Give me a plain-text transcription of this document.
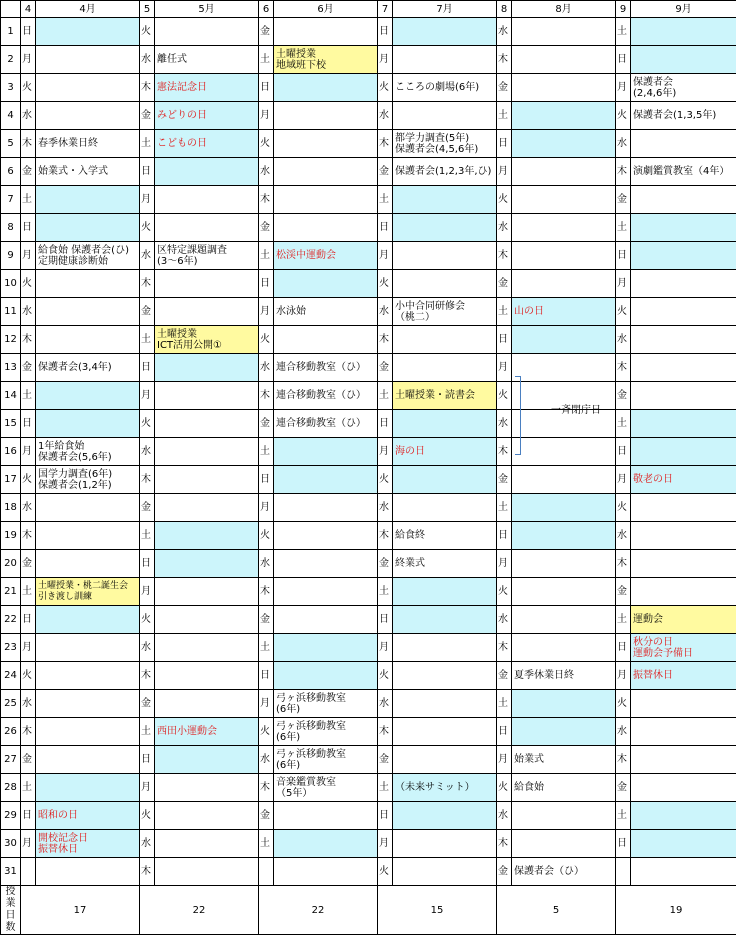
	4	4月	5	5月	6	6月	7	7月	8	8月	9	9月
1	日		火		金		日		水		土	
2	月		水	離任式	土	土曜授業
地域班下校	月		木		日	
3	火		木	憲法記念日	日		火	こころの劇場(6年)	金		月	保護者会
(2,4,6年)
4	水		金	みどりの日	月		水		土		火	保護者会(1,3,5年)
5	木	春季休業日終	土	こどもの日	火		木	都学力調査(5年)
保護者会(4,5,6年)	日		水	
6	金	始業式・入学式	日		水		金	保護者会(1,2,3年,ひ)	月		木	演劇鑑賞教室（4年）
7	土		月		木		土		火		金	
8	日		火		金		日		水		土	
9	月	給食始 保護者会(ひ)
定期健康診断始	水	区特定課題調査
(3～6年)	土	松渓中運動会	月		木		日	
10	火		木		日		火		金		月	
11	水		金		月	水泳始	水	小中合同研修会
（桃二）	土	山の日	火	
12	木		土	土曜授業
ICT活用公開①	火		木		日		水	
13	金	保護者会(3,4年)	日		水	連合移動教室（ひ）	金		月		木	
14	土		月		木	連合移動教室（ひ）	土	土曜授業・読書会	火		金	
15	日		火		金	連合移動教室（ひ）	日		水		土	
16	月	1年給食始
保護者会(5,6年)	水		土		月	海の日	木		日	
17	火	国学力調査(6年)
保護者会(1,2年)	木		日		火		金		月	敬老の日
18	水		金		月		水		土		火	
19	木		土		火		木	給食終	日		水	
20	金		日		水		金	終業式	月		木	
21	土	土曜授業・桃二誕生会
引き渡し訓練	月		木		土		火		金	
22	日		火		金		日		水		土	運動会
23	月		水		土		月		木		日	秋分の日
運動会予備日
24	火		木		日		火		金	夏季休業日終	月	振替休日
25	水		金		月	弓ヶ浜移動教室
(6年)	水		土		火	
26	木		土	西田小運動会	火	弓ヶ浜移動教室
(6年)	木		日		水	
27	金		日		水	弓ヶ浜移動教室
(6年)	金		月	始業式	木	
28	土		月		木	音楽鑑賞教室
（5年）	土	（未来サミット）	火	給食始	金	
29	日	昭和の日	火		金		日		水		土	
30	月	開校記念日
振替休日	水		土		月		木		日	
31			木				火		金	保護者会（ひ）		
授業
日数	17		22		22		15		5		19	
一斉閉庁日
